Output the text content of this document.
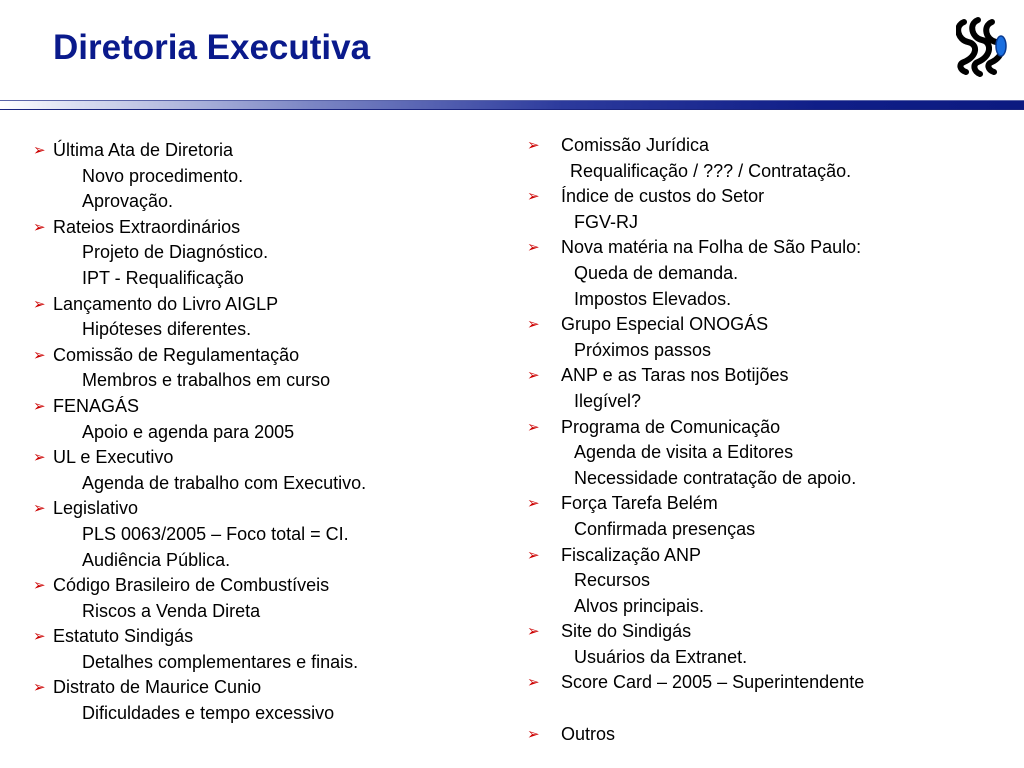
Diretoria Executiva
➢ Última Ata de Diretoria
Novo procedimento.
Aprovação.
➢ Rateios Extraordinários
Projeto de Diagnóstico.
IPT - Requalificação
➢ Lançamento do Livro AIGLP
Hipóteses diferentes.
➢ Comissão de Regulamentação
Membros e trabalhos em curso
➢ FENAGÁS
Apoio e agenda para 2005
➢ UL e Executivo
Agenda de trabalho com Executivo.
➢ Legislativo
PLS 0063/2005 – Foco total = CI.
Audiência Pública.
➢ Código Brasileiro de Combustíveis
Riscos a Venda Direta
➢ Estatuto Sindigás
Detalhes complementares e finais.
➢ Distrato de Maurice Cunio
Dificuldades e tempo excessivo
➢ Comissão Jurídica
Requalificação / ??? / Contratação.
➢ Índice de custos do Setor
FGV-RJ
➢ Nova matéria na Folha de São Paulo:
Queda de demanda.
Impostos Elevados.
➢ Grupo Especial ONOGÁS
Próximos passos
➢ ANP e as Taras nos Botijões
Ilegível?
➢ Programa de Comunicação
Agenda de visita a Editores
Necessidade contratação de apoio.
➢ Força Tarefa Belém
Confirmada presenças
➢ Fiscalização ANP
Recursos
Alvos principais.
➢ Site do Sindigás
Usuários da Extranet.
➢ Score Card – 2005 – Superintendente
➢ Outros
